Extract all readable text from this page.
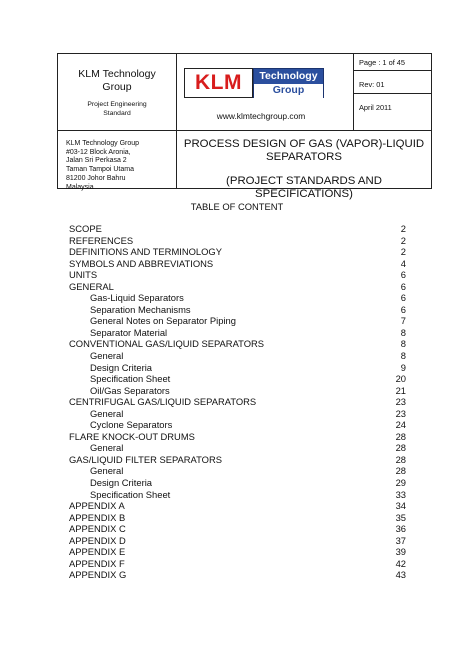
KLM Technology
Group
Project Engineering
Standard
KLM	Technology
Group
www.klmtechgroup.com
Page : 1 of 45
Rev: 01
April 2011
KLM Technology Group
#03-12 Block Aronia,
Jalan Sri Perkasa 2
Taman Tampoi Utama
81200 Johor Bahru
Malaysia
PROCESS DESIGN OF GAS (VAPOR)-LIQUID
SEPARATORS
(PROJECT STANDARDS AND SPECIFICATIONS)
TABLE OF CONTENT
SCOPE	2
REFERENCES	2
DEFINITIONS AND TERMINOLOGY	2
SYMBOLS AND ABBREVIATIONS	4
UNITS	6
GENERAL	6
Gas-Liquid Separators	6
Separation Mechanisms	6
General Notes on Separator Piping	7
Separator Material	8
CONVENTIONAL GAS/LIQUID SEPARATORS	8
General	8
Design Criteria	9
Specification Sheet	20
Oil/Gas Separators	21
CENTRIFUGAL GAS/LIQUID SEPARATORS	23
General	23
Cyclone Separators	24
FLARE KNOCK-OUT DRUMS	28
General	28
GAS/LIQUID FILTER SEPARATORS	28
General	28
Design Criteria	29
Specification Sheet	33
APPENDIX A	34
APPENDIX B	35
APPENDIX C	36
APPENDIX D	37
APPENDIX E	39
APPENDIX F	42
APPENDIX G	43
